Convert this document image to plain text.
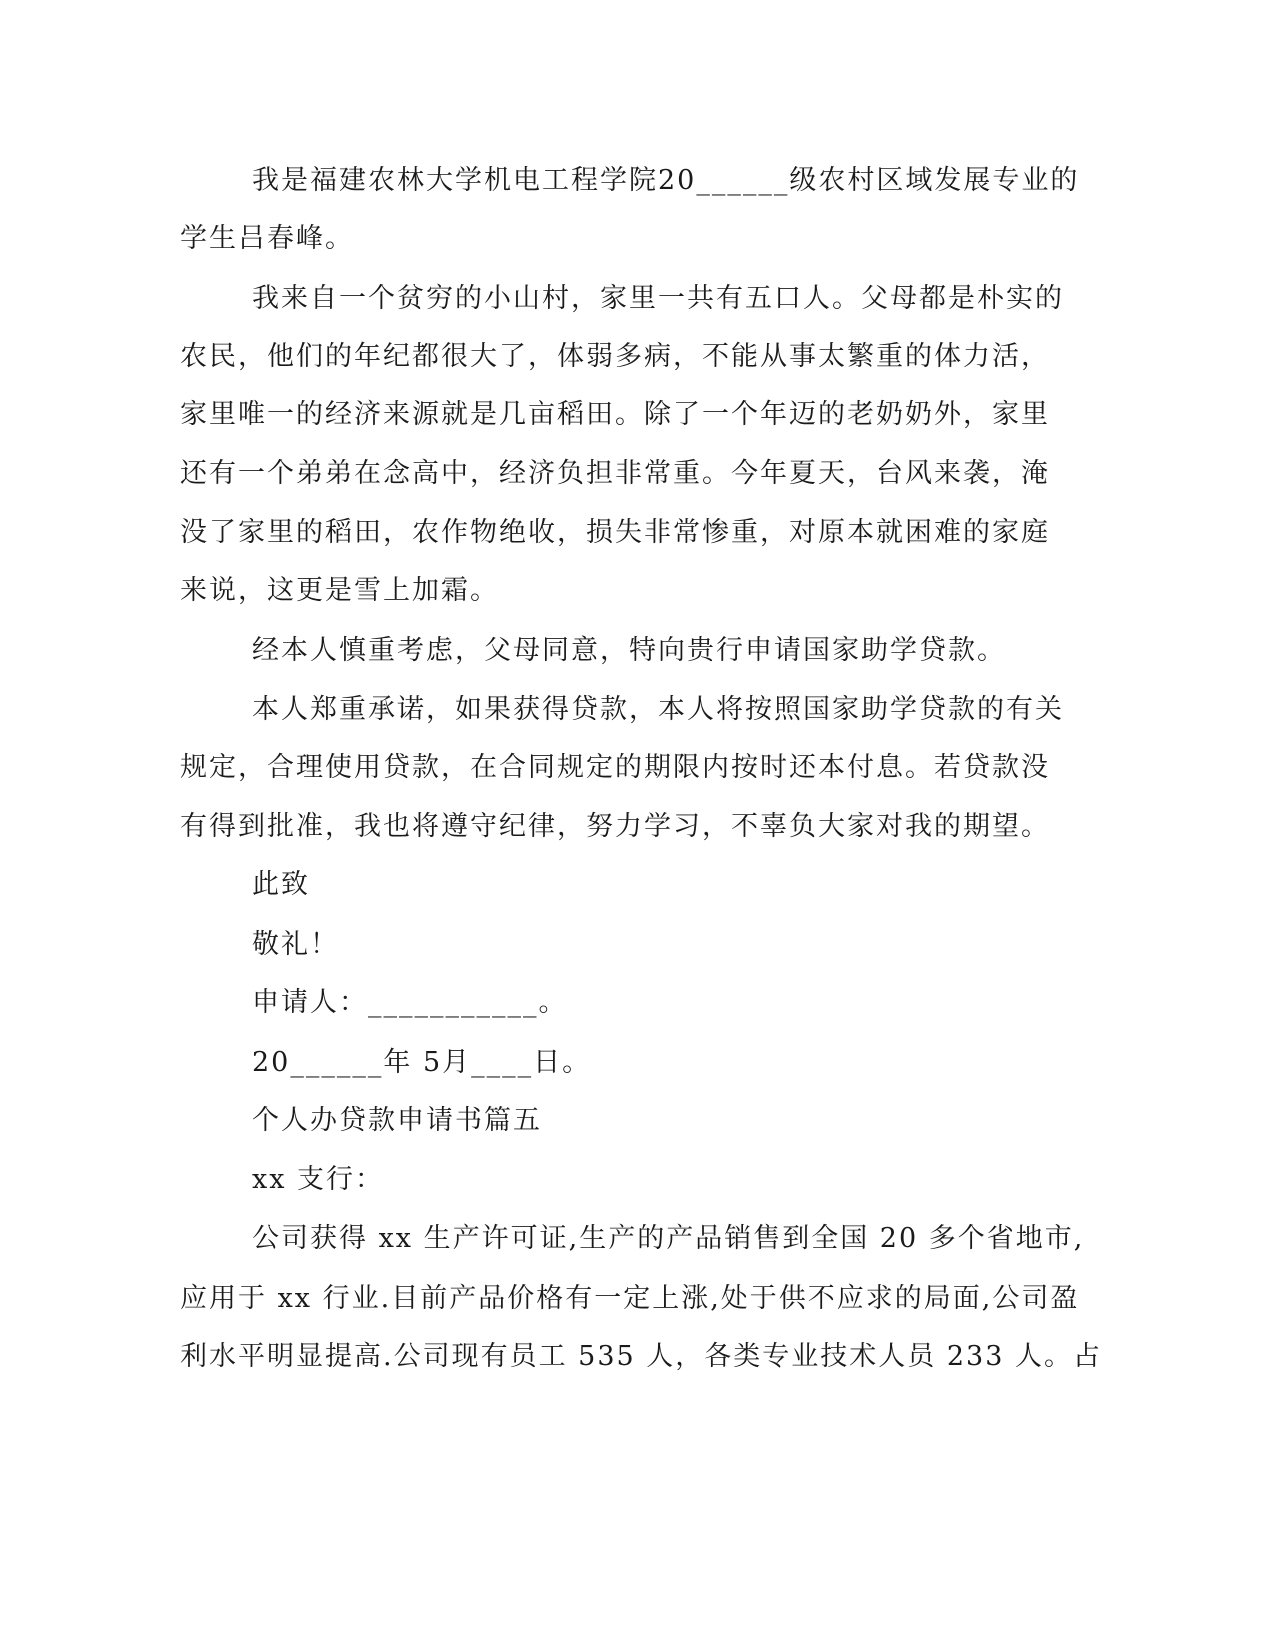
我是福建农林大学机电工程学院20______级农村区域发展专业的
学生吕春峰。
我来自一个贫穷的小山村，家里一共有五口人。父母都是朴实的
农民，他们的年纪都很大了，体弱多病，不能从事太繁重的体力活，
家里唯一的经济来源就是几亩稻田。除了一个年迈的老奶奶外，家里
还有一个弟弟在念高中，经济负担非常重。今年夏天，台风来袭，淹
没了家里的稻田，农作物绝收，损失非常惨重，对原本就困难的家庭
来说，这更是雪上加霜。
经本人慎重考虑，父母同意，特向贵行申请国家助学贷款。
本人郑重承诺，如果获得贷款，本人将按照国家助学贷款的有关
规定，合理使用贷款，在合同规定的期限内按时还本付息。若贷款没
有得到批准，我也将遵守纪律，努力学习，不辜负大家对我的期望。
此致
敬礼！
申请人：___________。
20______年 5月____日。
个人办贷款申请书篇五
xx 支行：
公司获得 xx 生产许可证,生产的产品销售到全国 20 多个省地市,
应用于 xx 行业.目前产品价格有一定上涨,处于供不应求的局面,公司盈
利水平明显提高.公司现有员工 535 人，各类专业技术人员 233 人。占
